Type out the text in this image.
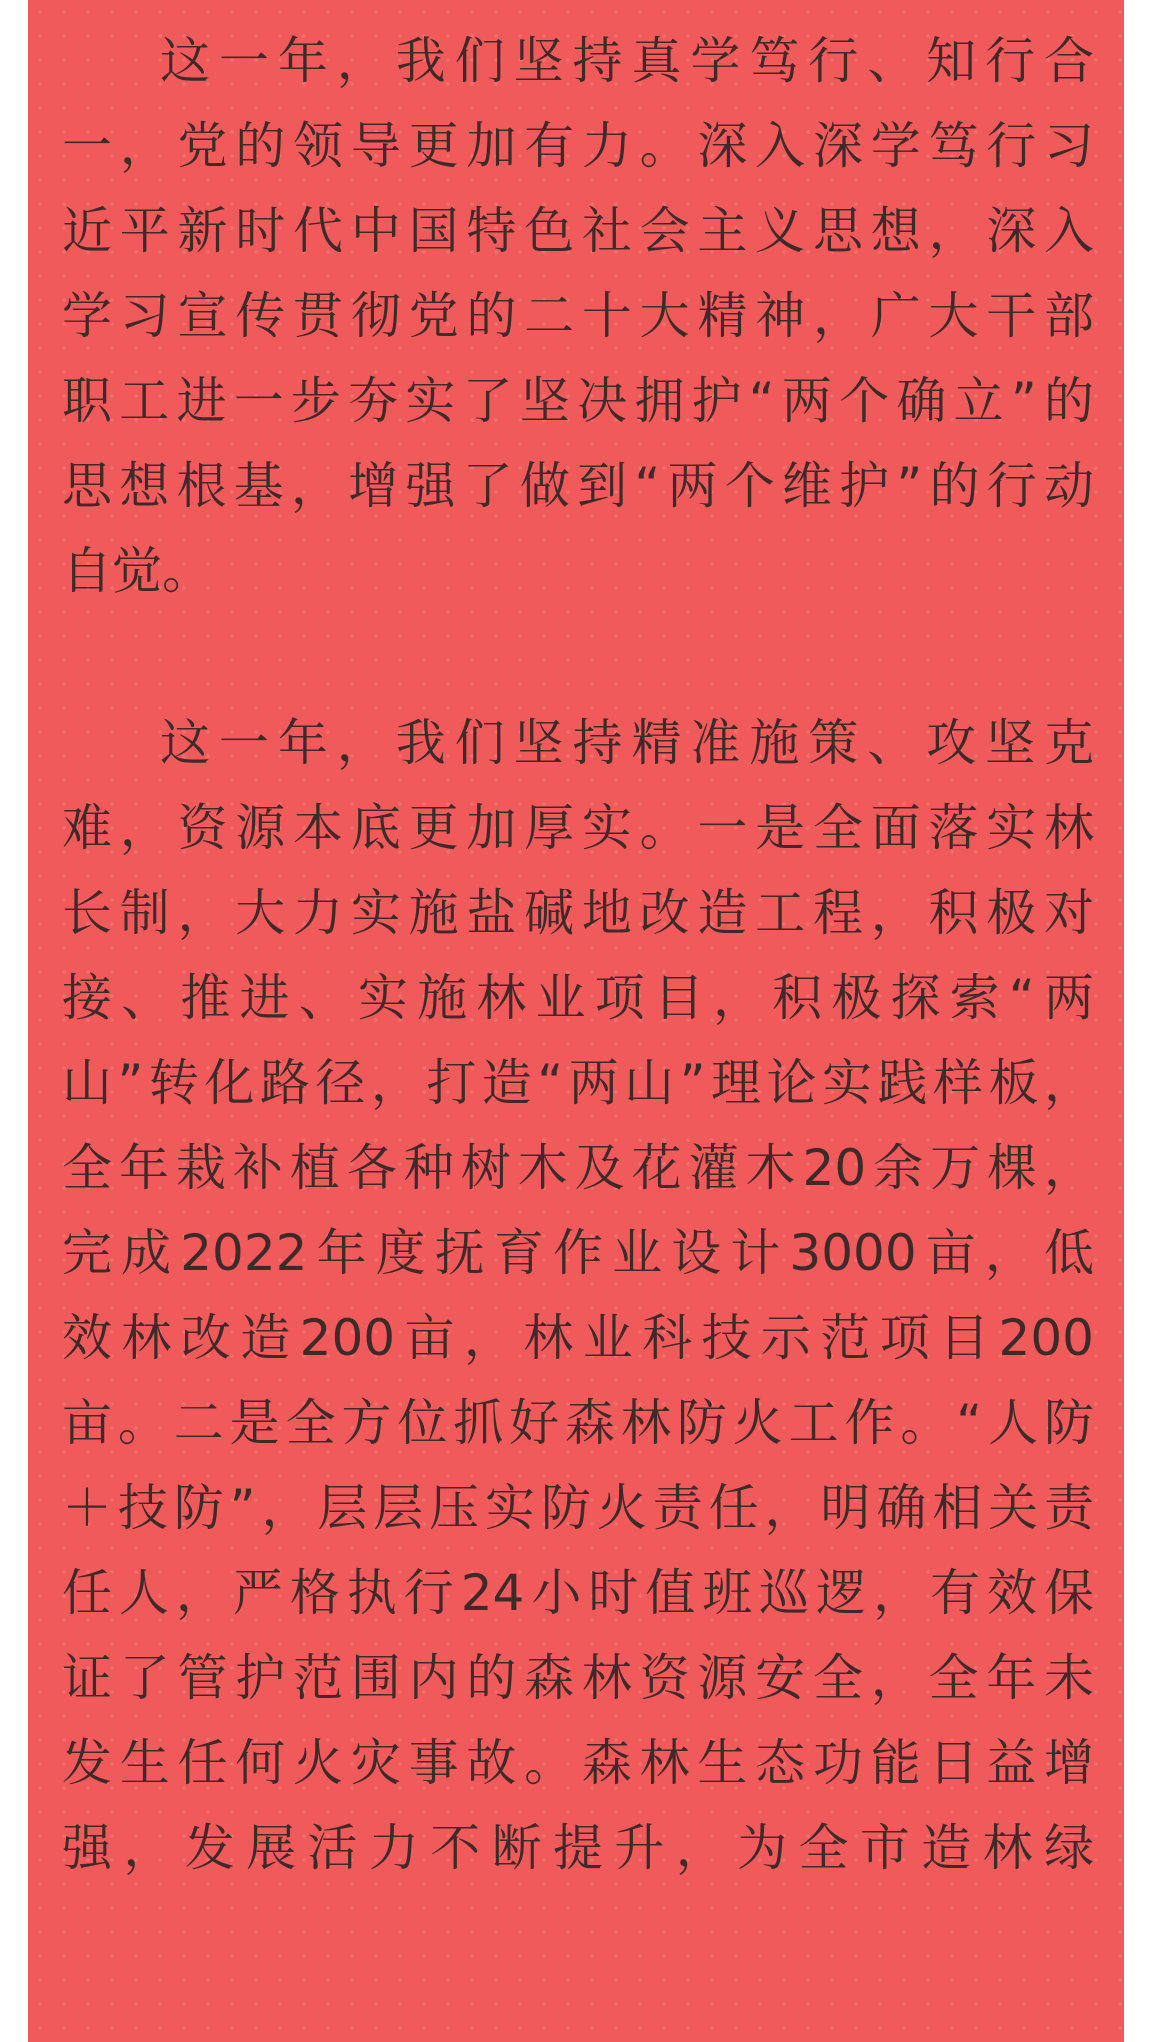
这一年，我们坚持真学笃行、知行合
一，党的领导更加有力。深入深学笃行习
近平新时代中国特色社会主义思想，深入
学习宣传贯彻党的二十大精神，广大干部
职工进一步夯实了坚决拥护“两个确立”的
思想根基，增强了做到“两个维护”的行动
自觉。
这一年，我们坚持精准施策、攻坚克
难，资源本底更加厚实。一是全面落实林
长制，大力实施盐碱地改造工程，积极对
接、推进、实施林业项目，积极探索“两
山”转化路径，打造“两山”理论实践样板，
全年栽补植各种树木及花灌木20余万棵，
完成2022年度抚育作业设计3000亩，低
效林改造200亩，林业科技示范项目200
亩。二是全方位抓好森林防火工作。“人防
＋技防”，层层压实防火责任，明确相关责
任人，严格执行24小时值班巡逻，有效保
证了管护范围内的森林资源安全，全年未
发生任何火灾事故。森林生态功能日益增
强，发展活力不断提升，为全市造林绿
